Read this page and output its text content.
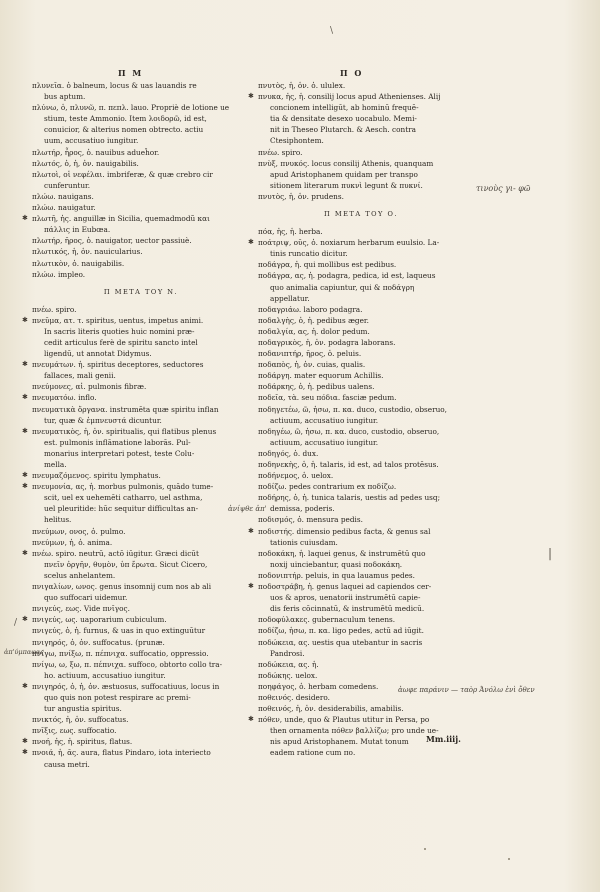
Π Μ	Π Ο
πλυνεῖα. ὁ balneum, locus & uas lauandis re
bus aptum.
πλύνω, ὁ, πλυνῶ, π. πεπλ. lauo. Propriè de lotione ue
stium, teste Ammonio. Item λοιδορῶ, id est,
conuicior, & alterius nomen obtrecto. actiu
uum, accusatiuo iungitur.
πλωτήρ, ἦρος, ὁ. nauibus adueĥor.
πλωτός, ὁ, ἡ, ὁν. nauigabilis.
πλωτοὶ, οἱ νεφέλαι. imbriferæ, & quæ crebro cir
cunferuntur.
πλώω. nauigans.
πλώω. nauigatur.
✱ πλωτῆ, ἡς. anguillæ in Sicilia, quemadmodũ και
πάλλις in Eubœa.
πλωτήρ, ῆρος, ὁ. nauigator, uector passiuè.
πλωτικός, ἡ, ὁν. nauicularius.
πλωτικὸν, ὁ. nauigabilis.
πλώω. impleo.
Π ΜΕΤΑ ΤΟΥ Ν.
πνέω. spiro.
✱ πνεῦμα, ατ. τ. spiritus, uentus, impetus animi.
In sacris literis quoties huic nomini præ-
cedit articulus ferè de spiritu sancto intel
ligendū, ut annotat Didymus.
✱ πνευμάτων. ἡ. spiritus deceptores, seductores
fallaces, mali genii.
πνεύμονες, αἱ. pulmonis fibræ.
✱ πνευματόω. inflo.
πνευματικὰ ὄργανα. instrumēta quæ spiritu inflan
tur, quæ & ἐμπνευστά dicuntur.
✱ πνευματικὸς, ἡ, ὁν. spiritualis, qui flatibus plenus
est. pulmonis inflāmatione laborās. Pul-
monarius interpretari potest, teste Colu-
mella.
✱ πνευμαζόμενος. spiritu lymphatus.
✱ πνευμονία, ας, ἡ. morbus pulmonis, quādo tume-
scit, uel ex uehemēti catharro, uel asthma,
uel pleuritide: hūc sequitur difficultas an-
helitus.
πνεύμων, ονος, ὁ. pulmo.
πνεύμων, ἡ, ὁ. anima.
✱ πνέω. spiro. neutrū, actō iūgitur. Græci dicūt
πνεῖν ὀργῆν, θυμὸν, ὑπ ἔρωτα. Sicut Cicero,
scelus anhelantem.
πνιγαλίων, ωνος. genus insomnij cum nos ab ali
quo suffocari uidemur.
πνιγεύς, εως. Vide πνῖγος.
✱ πνιγεύς, ως. uaporarium cubiculum.
πνιγεύς, ὁ, ἡ. furnus, & uas in quo extinguūtur
πνιγηρός, ὁ, ὁν. suffocatus. (prunæ.
πνίγω, πνίξω, π. πέπνιχα. suffocatio, oppressio.
πνίγω, ω, ξω, π. πέπνιχα. suffoco, obtorto collo tra-
ho. actiuum, accusatiuo iungitur.
✱ πνιγηρός, ὁ, ἡ, ὁν. æstuosus, suffocatiuus, locus in
quo quis non potest respirare ac premi-
tur angustia spiritus.
πνικτός, ἡ, ὁν. suffocatus.
πνῖξις, εως. suffocatio.
✱ πνοή, ἡς, ἡ. spiritus, flatus.
✱ πνοιά, ἡ, ᾶς. aura, flatus Pindaro, iota interiecto
causa metri.
πνυτὸς, ἡ, ὁν. ὁ. ululex.
✱ πνυκα, ἡς, ἡ. consilij locus apud Athenienses. Alij
concionem intelligūt, ab hominū frequē-
tia & densitate desexo uocabulo. Memi-
nit in Theseo Plutarch. & Aesch. contra
Ctesiphontem.
πνέω. spiro.
πνὺξ, πνυκός. locus consilij Athenis, quanquam
apud Aristophanem quidam per transpo
sitionem literarum πυκνὶ legunt & πυκνί.
πνυτὸς, ἡ, ὁν. prudens.
Π ΜΕΤΑ ΤΟΥ Ο.
πόα, ἡς, ἡ. herba.
✱ ποάτριψ, οῦς, ὁ. noxiarum herbarum euulsio. La-
tinis runcatio dicitur.
ποδάγρα, ἡ. qui mollibus est pedibus.
ποδάγρα, ας, ἡ. podagra, pedica, id est, laqueus
quo animalia capiuntur, qui & ποδάγρη
appellatur.
ποδαγριάω. laboro podagra.
ποδαλγὴς, ὁ, ἡ. pedibus æger.
ποδαλγία, ας, ἡ. dolor pedum.
ποδαγρικὸς, ἡ, ὁν. podagra laborans.
ποδανιπτήρ, ῆρος, ὁ. peluis.
ποδαπὸς, ἡ, ὁν. cuias, qualis.
ποδάργη. mater equorum Achillis.
ποδάρκης, ὁ, ἡ. pedibus ualens.
ποδεῖα, τὰ. seu πόδια. fasciæ pedum.
ποδηγετέω, ῶ, ἡσω, π. κα. duco, custodio, obseruo,
actiuum, accusatiuo iungitur.
ποδηγέω, ῶ, ἡσω, π. κα. duco, custodio, obseruo,
actiuum, accusatiuo iungitur.
ποδηγός, ὁ. dux.
ποδηνεκὴς, ὁ, ἡ. talaris, id est, ad talos protēsus.
ποδήνεμος, ὁ. uelox.
ποδίζω. pedes contrarium ex ποδίζω.
ποδήρης, ὁ, ἡ. tunica talaris, uestis ad pedes usq;
demissa, poderis.
ποδισμός, ὁ. mensura pedis.
✱ ποδιστής. dimensio pedibus facta, & genus sal
tationis cuiusdam.
ποδοκάκη, ἡ. laquei genus, & instrumētū quo
noxij uinciebantur, quasi ποδοκάκη.
ποδονιπτήρ. peluis, in qua lauamus pedes.
✱ ποδοστράβη, ἡ. genus laquei ad capiendos cer-
uos & apros, uenatorii instrumētū capie-
dis feris cōcinnatū, & instrumētū medicū.
ποδοφύλακες. gubernaculum tenens.
ποδίζω, ἡσω, π. κα. ligo pedes, actū ad iūgit.
ποδώκεια, ας. uestis qua utebantur in sacris
Pandrosi.
ποδώκεια, ας. ἡ.
ποδώκης. uelox.
ποηφάγος, ὁ. herbam comedens.
ποθεινός. desidero.
ποθεινός, ἡ, ὁν. desiderabilis, amabilis.
✱ πόθεν, unde, quo & Plautus utitur in Persa, po
then ornamenta πόθεν βαλλίζω; pro unde ue-
nis apud Aristophanem. Mutat tonum
eadem ratione cum πο.
τινοὺς γι- φῶ
ἀνίψθε ἀπ'
ἀπ'ύμπαφας
ἀωφε παράνιν — ταὸρ Ἀνόλω ἐνὶ ὄθεν
\
|
/
Mm.iiij.
